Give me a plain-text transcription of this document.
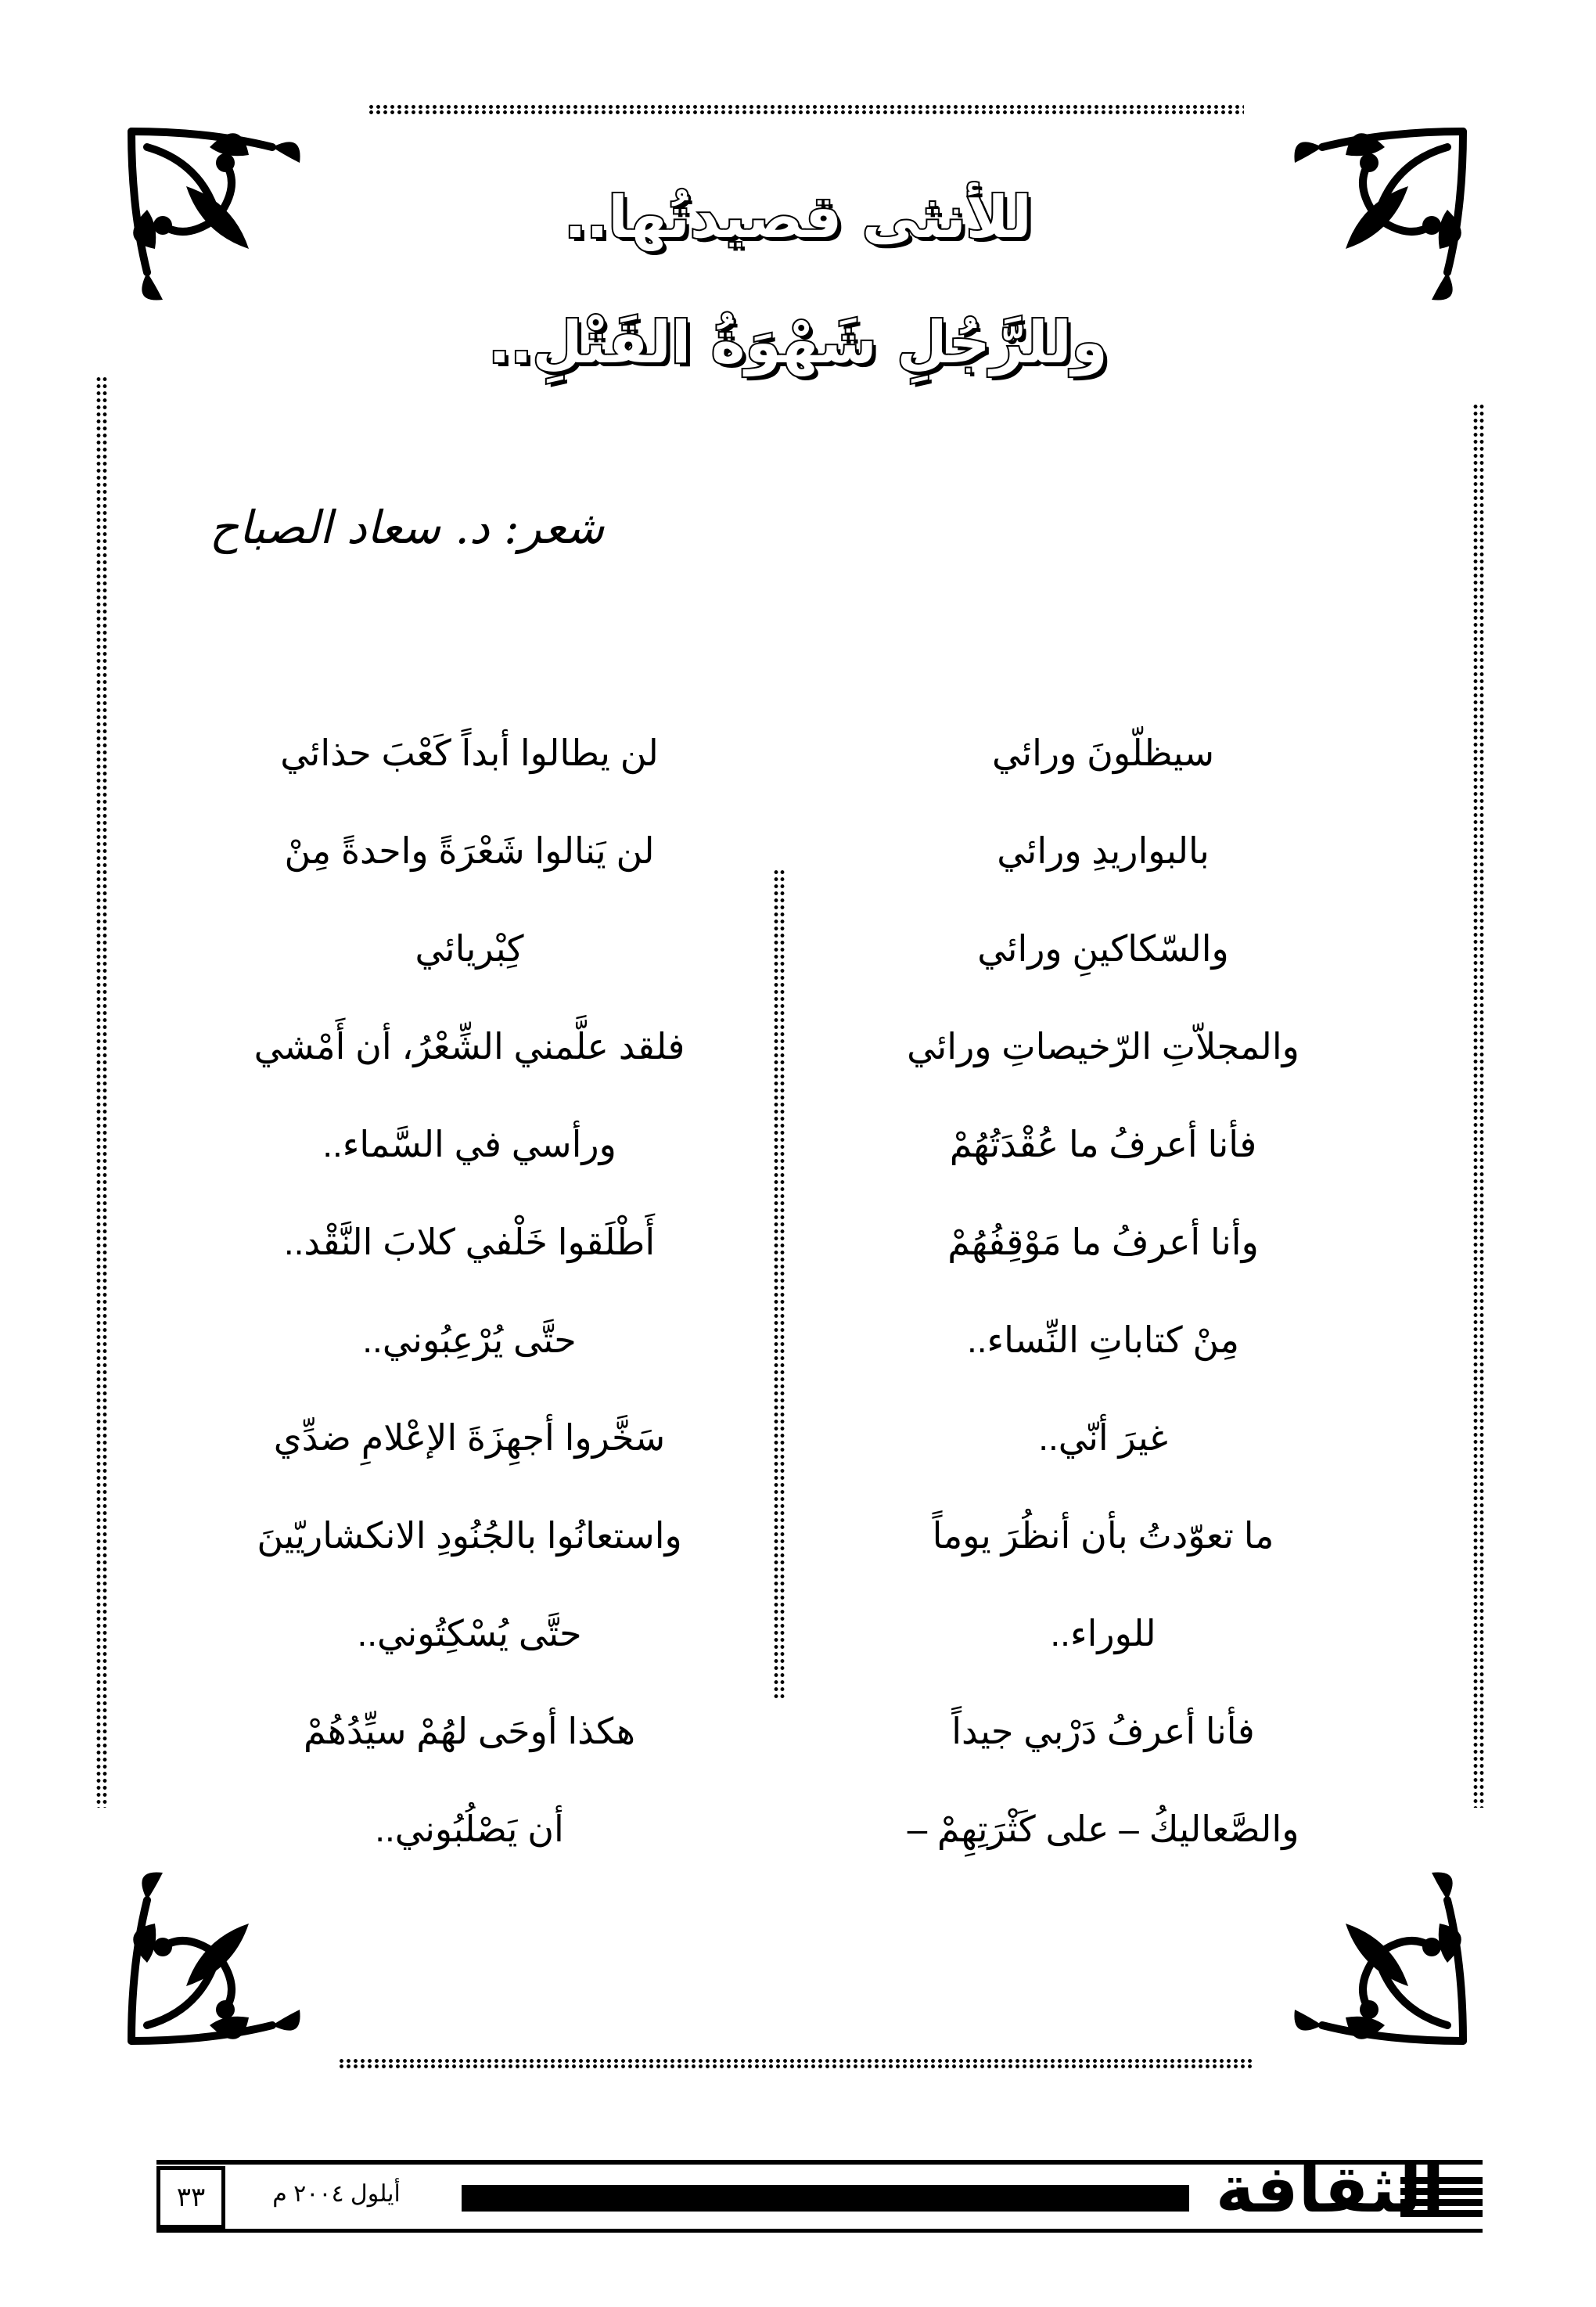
للأنثى قصيدتُها..
وللرَّجُلِ شَهْوَةُ القَتْلِ..
شعر: د. سعاد الصباح
سيظلّونَ ورائي
بالبواريدِ ورائي
والسّكاكينِ ورائي
والمجلاّتِ الرّخيصاتِ ورائي
فأنا أعرفُ ما عُقْدَتُهُمْ
وأنا أعرفُ ما مَوْقِفُهُمْ
مِنْ كتاباتِ النِّساء..
غيرَ أنّي..
ما تعوّدتُ بأن أنظُرَ يوماً
للوراء..
فأنا أعرفُ دَرْبي جيداً
والصَّعاليكُ – على كَثْرَتِهِمْ –
لن يطالوا أبداً كَعْبَ حذائي
لن يَنالوا شَعْرَةً واحدةً مِنْ
كِبْريائي
فلقد علَّمني الشِّعْرُ، أن أَمْشي
ورأسي في السَّماء..
أَطْلَقوا خَلْفي كلابَ النَّقْد..
حتَّى يُرْعِبُوني..
سَخَّروا أجهِزَةَ الإعْلامِ ضدِّي
واستعانُوا بالجُنُودِ الانكشاريّينَ
حتَّى يُسْكِتُوني..
هكذا أوحَى لهُمْ سيِّدُهُمْ
أن يَصْلُبُوني..
الثقافة
أيلول ٢٠٠٤ م
٣٣
